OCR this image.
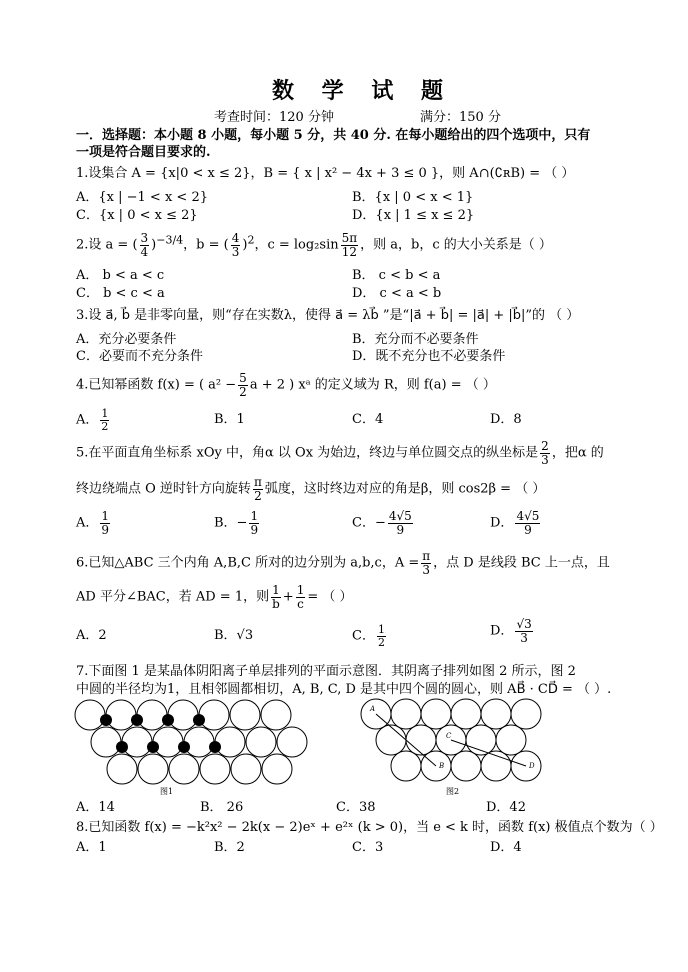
数 学 试 题
考查时间：120 分钟	满分：150 分
一．选择题：本小题 8 小题，每小题 5 分，共 40 分. 在每小题给出的四个选项中，只有
一项是符合题目要求的.
1.设集合 A = {x|0 < x ≤ 2}，B = { x | x² − 4x + 3 ≤ 0 }，则 A∩(∁ʀB) = （ ）
A．{x | −1 < x < 2}	B．{x | 0 < x < 1}
C．{x | 0 < x ≤ 2}	D．{x | 1 ≤ x ≤ 2}
2.设 a = ( $\frac{3}{4} )^{-3/4}$，b = ( $\frac{4}{3} )^2$，$c = \log_2\sin \frac{5\pi}{12}$ ，则 a，b，c 的大小关系是（ ）
A． b < a < c	B． c < b < a
C． b < c < a	D． c < a < b
3.设 a⃗, b⃗ 是非零向量，则“存在实数λ，使得 a⃗ = λb⃗ ”是“|a⃗ + b⃗| = |a⃗| + |b⃗|”的 （ ）
A．充分必要条件	B．充分而不必要条件
C．必要而不充分条件	D．既不充分也不必要条件
4.已知幂函数 f(x) = ( $a^2 - \frac{5}{2}$ a + 2 ) xᵃ 的定义域为 R，则 f(a) = （ ）
A． $\frac{1}{2}$	B．1	C．4	D．8
5.在平面直角坐标系 xOy 中，角α 以 Ox 为始边，终边与单位圆交点的纵坐标是 $\frac{2}{3}$ ，把α 的
终边绕端点 O 逆时针方向旋转 $\frac{\pi}{2}$ 弧度，这时终边对应的角是β，则 cos2β = （ ）
A． $\frac{1}{9}$	B．− $\frac{1}{9}$	C．− $\frac{4√5}{9}$	D． $\frac{4√5}{9}$
6.已知△ABC 三个内角 A,B,C 所对的边分别为 a,b,c，$A = \frac{\pi}{3}$ ，点 D 是线段 BC 上一点，且
AD 平分∠BAC，若 AD = 1，则 $\frac{1}{b} + \frac{1}{c}$ = （ ）
A．2	B．√3	C． $\frac{1}{2}$	D． $\frac{√3}{3}$
7.下面图 1 是某晶体阴阳离子单层排列的平面示意图．其阴离子排列如图 2 所示，图 2
中圆的半径均为1，且相邻圆都相切，A, B, C, D 是其中四个圆的圆心，则 AB⃗ · CD⃗ = （ ）.
图1
A
B
C
D
图2
A．14	B． 26	C．38	D．42
8.已知函数 f(x) = −k²x² − 2k(x − 2)eˣ + e²ˣ (k > 0)，当 e < k 时，函数 f(x) 极值点个数为（ ）
A．1	B．2	C．3	D．4
